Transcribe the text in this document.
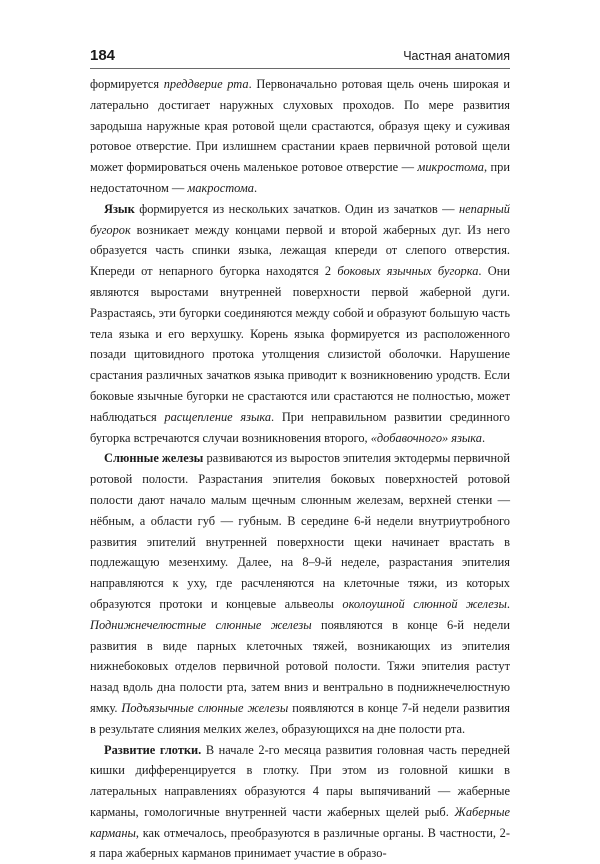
184	Частная анатомия

формируется преддверие рта. Первоначально ротовая щель очень широкая и латерально достигает наружных слуховых проходов. По мере развития зародыша наружные края ротовой щели срастаются, образуя щеку и суживая ротовое отверстие. При излишнем срастании краев первичной ротовой щели может формироваться очень маленькое ротовое отверстие — микростома, при недостаточном — макростома.

Язык формируется из нескольких зачатков. Один из зачатков — непарный бугорок возникает между концами первой и второй жаберных дуг. Из него образуется часть спинки языка, лежащая кпереди от слепого отверстия. Кпереди от непарного бугорка находятся 2 боковых язычных бугорка. Они являются выростами внутренней поверхности первой жаберной дуги. Разрастаясь, эти бугорки соединяются между собой и образуют большую часть тела языка и его верхушку. Корень языка формируется из расположенного позади щитовидного протока утолщения слизистой оболочки. Нарушение срастания различных зачатков языка приводит к возникновению уродств. Если боковые язычные бугорки не срастаются или срастаются не полностью, может наблюдаться расщепление языка. При неправильном развитии срединного бугорка встречаются случаи возникновения второго, «добавочного» языка.

Слюнные железы развиваются из выростов эпителия эктодермы первичной ротовой полости. Разрастания эпителия боковых поверхностей ротовой полости дают начало малым щечным слюнным железам, верхней стенки — нёбным, а области губ — губным. В середине 6-й недели внутриутробного развития эпителий внутренней поверхности щеки начинает врастать в подлежащую мезенхиму. Далее, на 8–9-й неделе, разрастания эпителия направляются к уху, где расчленяются на клеточные тяжи, из которых образуются протоки и концевые альвеолы околоушной слюнной железы. Поднижнечелюстные слюнные железы появляются в конце 6-й недели развития в виде парных клеточных тяжей, возникающих из эпителия нижнебоковых отделов первичной ротовой полости. Тяжи эпителия растут назад вдоль дна полости рта, затем вниз и вентрально в поднижнечелюстную ямку. Подъязычные слюнные железы появляются в конце 7-й недели развития в результате слияния мелких желез, образующихся на дне полости рта.

Развитие глотки. В начале 2-го месяца развития головная часть передней кишки дифференцируется в глотку. При этом из головной кишки в латеральных направлениях образуются 4 пары выпячиваний — жаберные карманы, гомологичные внутренней части жаберных щелей рыб. Жаберные карманы, как отмечалось, преобразуются в различные органы. В частности, 2-я пара жаберных карманов принимает участие в образо-
